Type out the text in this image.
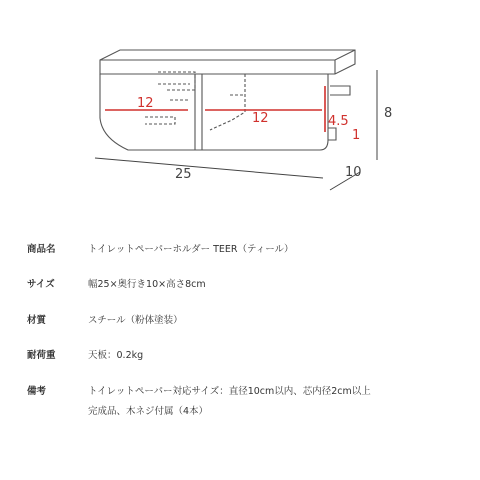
12
12	4.5
1
25	10
8
商品名	トイレットペーパーホルダー TEER（ティール）
サイズ	幅25×奥行き10×高さ8cm
材質	スチール（粉体塗装）
耐荷重	天板：0.2kg
備考	トイレットペーパー対応サイズ：直径10cm以内、芯内径2cm以上
完成品、木ネジ付属（4本）
